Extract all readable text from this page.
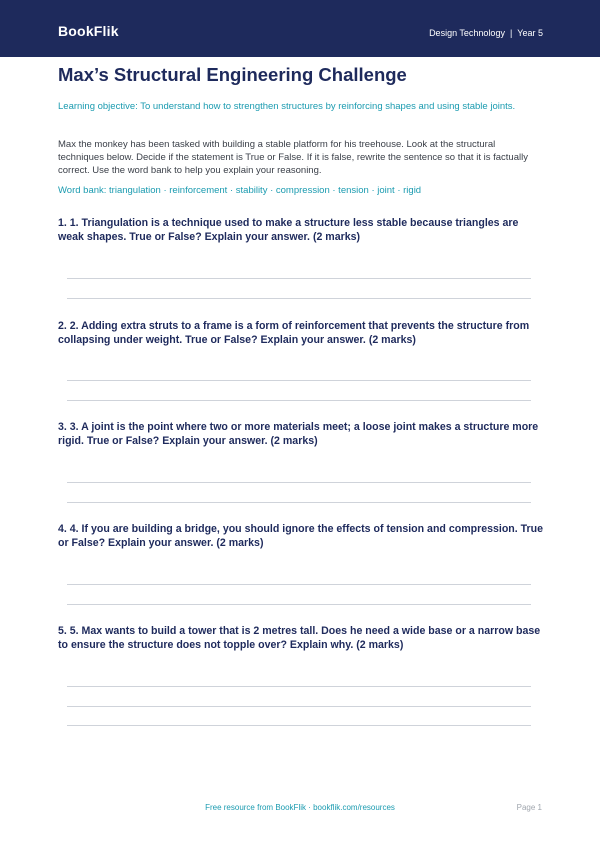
BookFlik	Design Technology | Year 5
Max’s Structural Engineering Challenge
Learning objective: To understand how to strengthen structures by reinforcing shapes and using stable joints.
Max the monkey has been tasked with building a stable platform for his treehouse. Look at the structural techniques below. Decide if the statement is True or False. If it is false, rewrite the sentence so that it is factually correct. Use the word bank to help you explain your reasoning.
Word bank: triangulation · reinforcement · stability · compression · tension · joint · rigid
1. 1. Triangulation is a technique used to make a structure less stable because triangles are weak shapes. True or False? Explain your answer. (2 marks)
2. 2. Adding extra struts to a frame is a form of reinforcement that prevents the structure from collapsing under weight. True or False? Explain your answer. (2 marks)
3. 3. A joint is the point where two or more materials meet; a loose joint makes a structure more rigid. True or False? Explain your answer. (2 marks)
4. 4. If you are building a bridge, you should ignore the effects of tension and compression. True or False? Explain your answer. (2 marks)
5. 5. Max wants to build a tower that is 2 metres tall. Does he need a wide base or a narrow base to ensure the structure does not topple over? Explain why. (2 marks)
Free resource from BookFlik · bookflik.com/resources	Page 1
